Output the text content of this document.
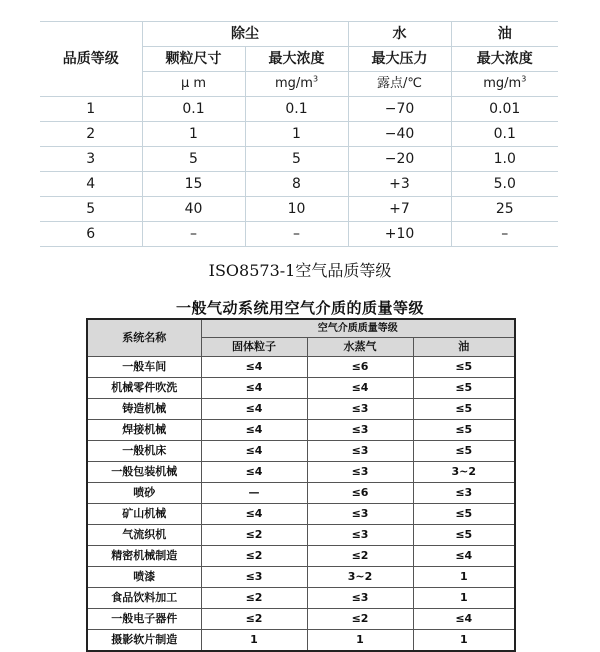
品质等级	除尘		水	油
	颗粒尺寸	最大浓度	最大压力	最大浓度
	μ m	$mg/m^3$	露点/℃	$mg/m^3$
1	0.1	0.1	−70	0.01
2	1	1	−40	0.1
3	5	5	−20	1.0
4	15	8	+3	5.0
5	40	10	+7	25
6	–	–	+10	–
ISO8573-1空气品质等级
一般气动系统用空气介质的质量等级
系统名称	空气介质质量等级		
	固体粒子	水蒸气	油
一般车间	≤4	≤6	≤5
机械零件吹洗	≤4	≤4	≤5
铸造机械	≤4	≤3	≤5
焊接机械	≤4	≤3	≤5
一般机床	≤4	≤3	≤5
一般包装机械	≤4	≤3	3~2
喷砂	—	≤6	≤3
矿山机械	≤4	≤3	≤5
气流织机	≤2	≤3	≤5
精密机械制造	≤2	≤2	≤4
喷漆	≤3	3~2	1
食品饮料加工	≤2	≤3	1
一般电子器件	≤2	≤2	≤4
摄影软片制造	1	1	1
